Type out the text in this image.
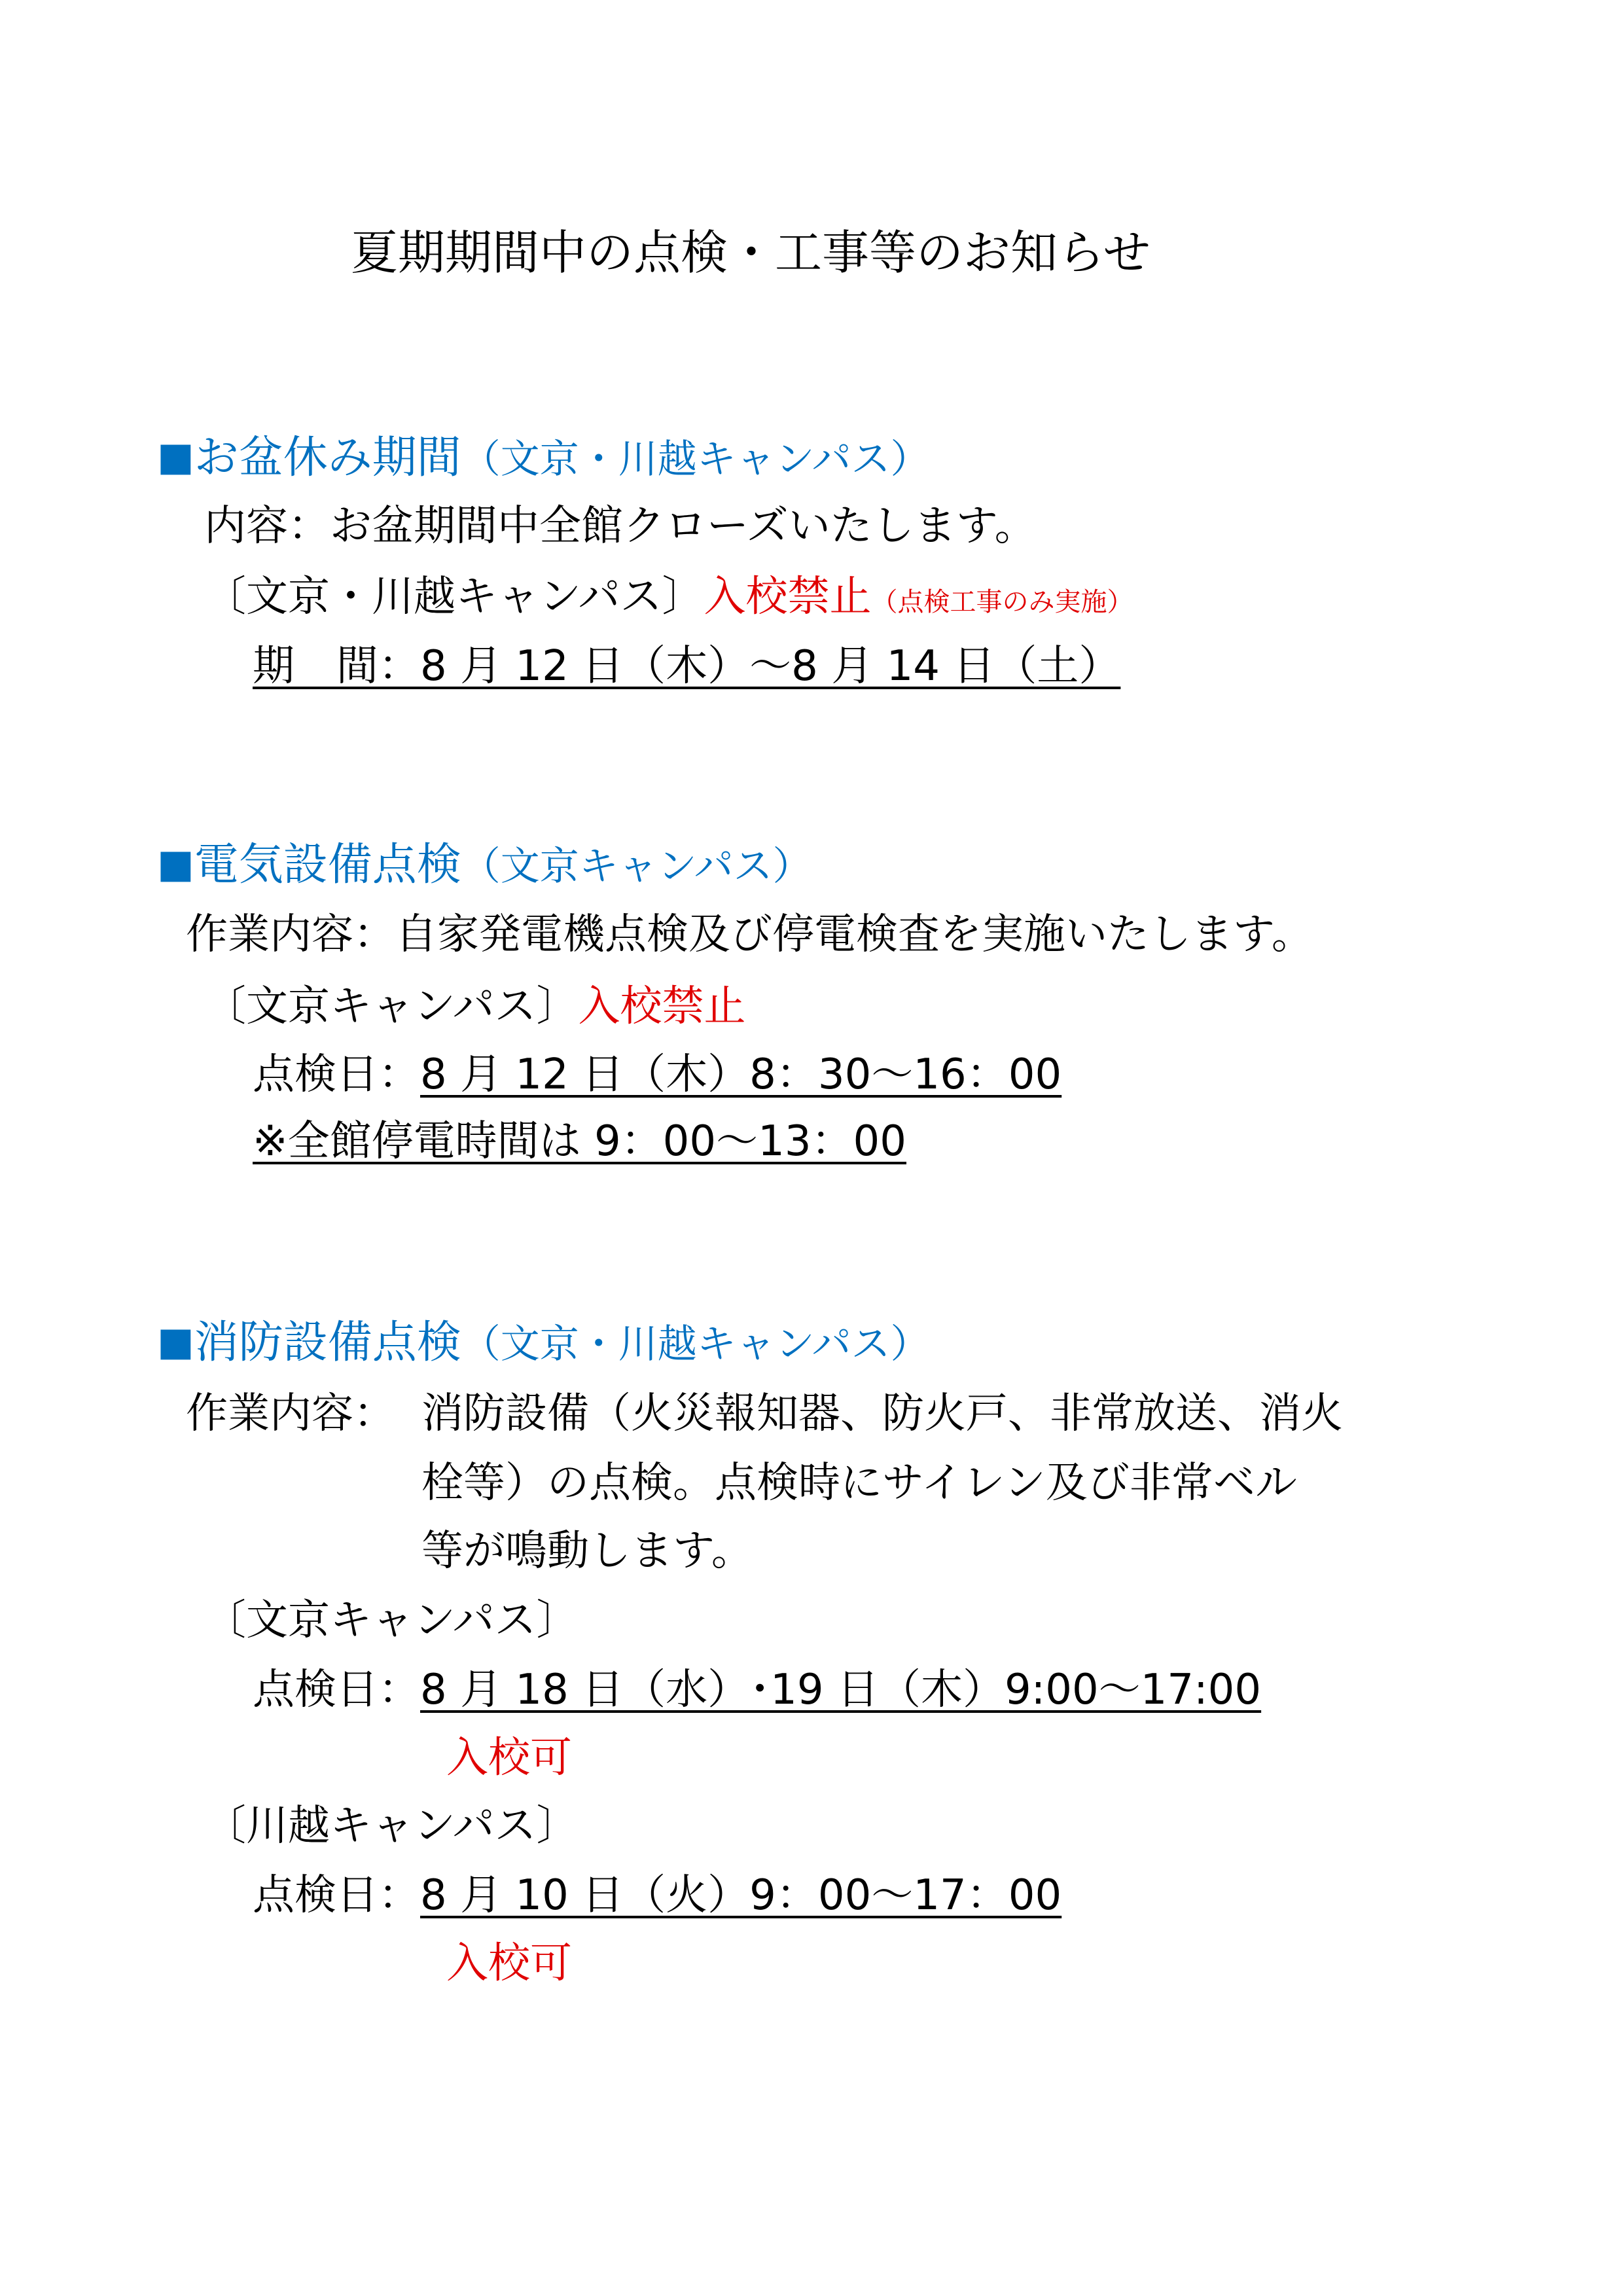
夏期期間中の点検・工事等のお知らせ
■お盆休み期間（文京・川越キャンパス）
内容：お盆期間中全館クローズいたします。
〔文京・川越キャンパス〕入校禁止（点検工事のみ実施）
期　間：8 月 12 日（木）～8 月 14 日（土）
■電気設備点検（文京キャンパス）
作業内容：自家発電機点検及び停電検査を実施いたします。
〔文京キャンパス〕入校禁止
点検日：8 月 12 日（木）8：30～16：00
※全館停電時間は 9：00～13：00
■消防設備点検（文京・川越キャンパス）
作業内容： 消防設備（火災報知器、防火戸、非常放送、消火
栓等）の点検。点検時にサイレン及び非常ベル
等が鳴動します。
〔文京キャンパス〕
点検日：8 月 18 日（水）･19 日（木）9:00～17:00
入校可
〔川越キャンパス〕
点検日：8 月 10 日（火）9：00～17：00
入校可
